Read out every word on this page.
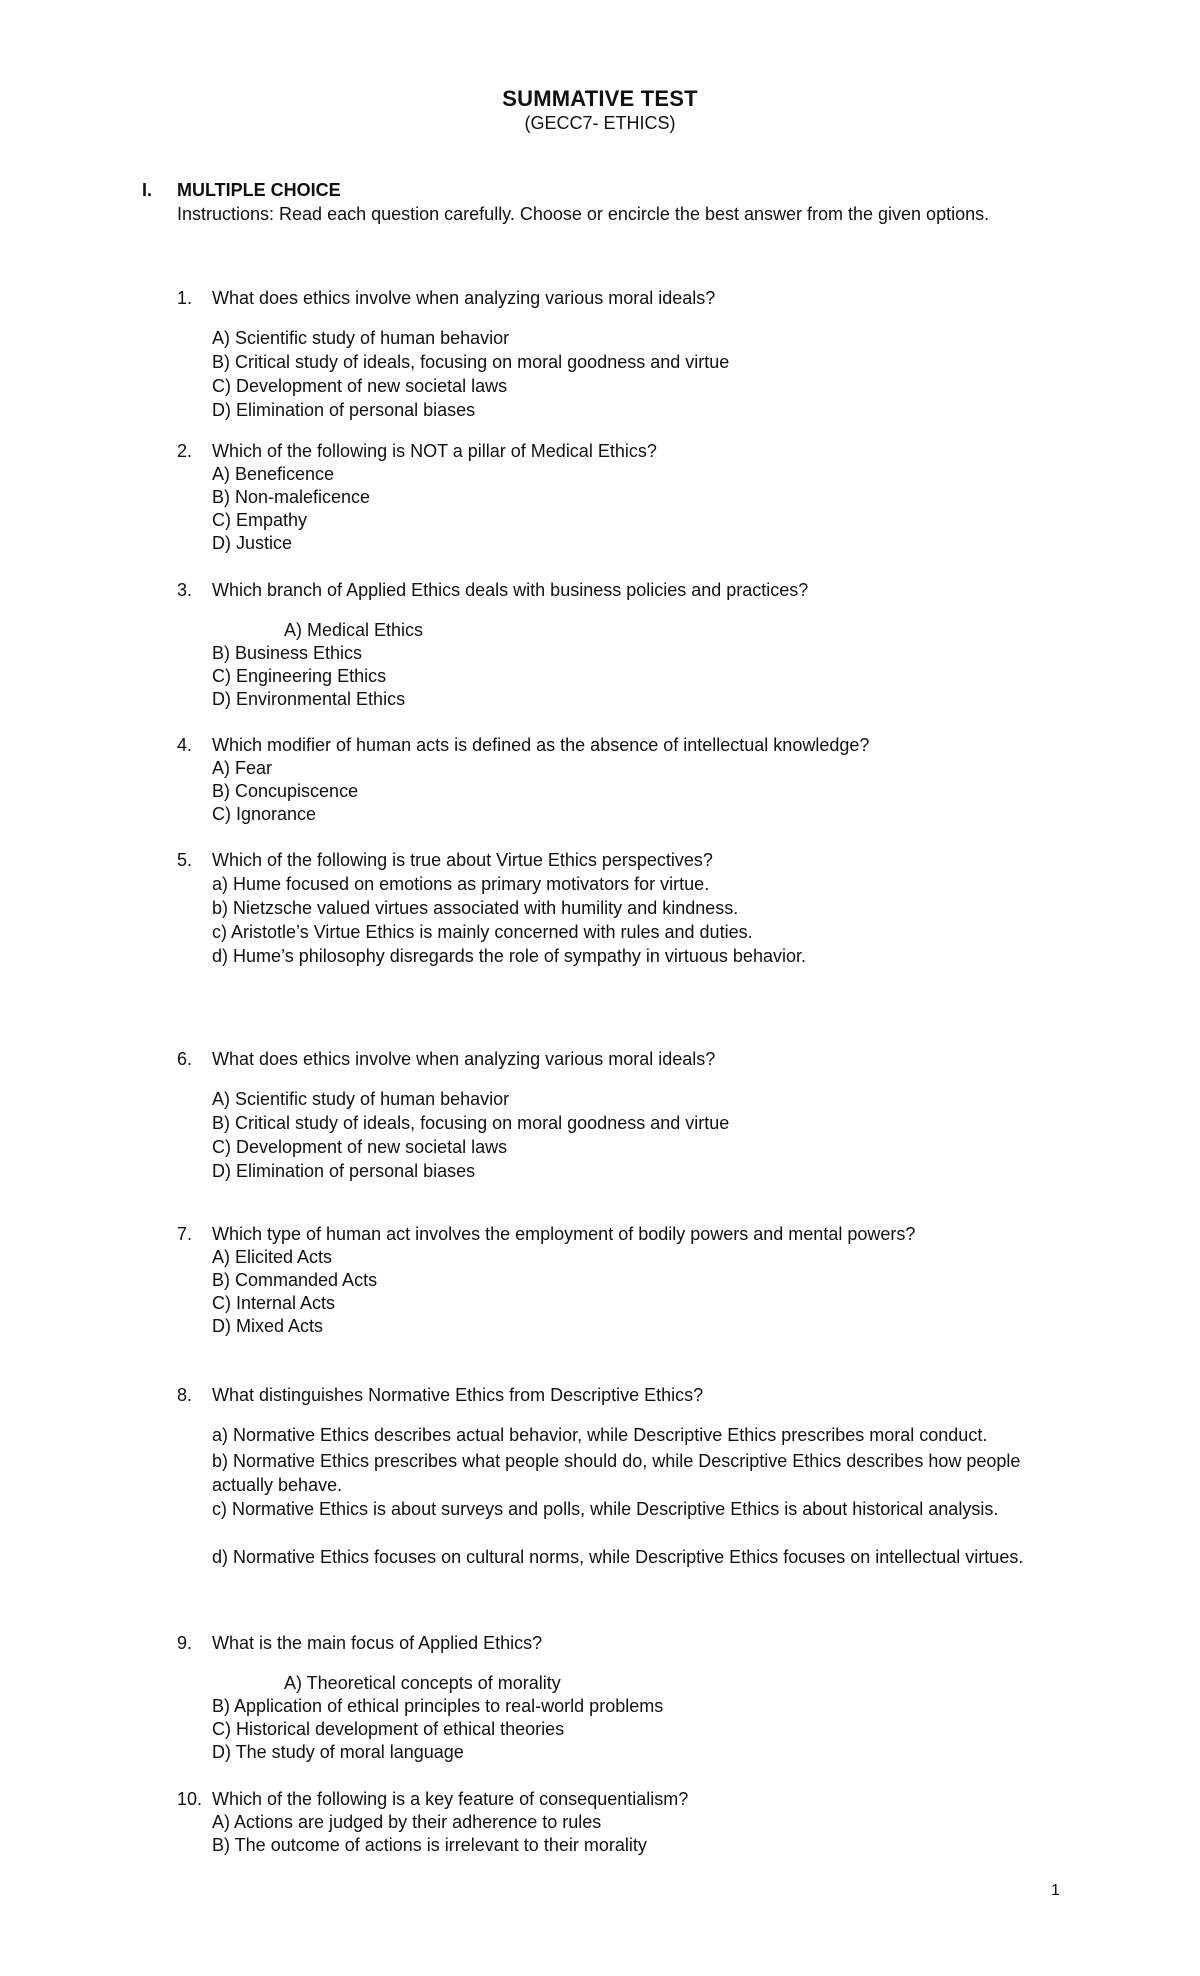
SUMMATIVE TEST
(GECC7- ETHICS)
I. MULTIPLE CHOICE
Instructions: Read each question carefully. Choose or encircle the best answer from the given options.
1. What does ethics involve when analyzing various moral ideals?
A) Scientific study of human behavior
B) Critical study of ideals, focusing on moral goodness and virtue
C) Development of new societal laws
D) Elimination of personal biases
2. Which of the following is NOT a pillar of Medical Ethics?
A) Beneficence
B) Non-maleficence
C) Empathy
D) Justice
3. Which branch of Applied Ethics deals with business policies and practices?
A) Medical Ethics
B) Business Ethics
C) Engineering Ethics
D) Environmental Ethics
4. Which modifier of human acts is defined as the absence of intellectual knowledge?
A) Fear
B) Concupiscence
C) Ignorance
5. Which of the following is true about Virtue Ethics perspectives?
a) Hume focused on emotions as primary motivators for virtue.
b) Nietzsche valued virtues associated with humility and kindness.
c) Aristotle’s Virtue Ethics is mainly concerned with rules and duties.
d) Hume’s philosophy disregards the role of sympathy in virtuous behavior.
6. What does ethics involve when analyzing various moral ideals?
A) Scientific study of human behavior
B) Critical study of ideals, focusing on moral goodness and virtue
C) Development of new societal laws
D) Elimination of personal biases
7. Which type of human act involves the employment of bodily powers and mental powers?
A) Elicited Acts
B) Commanded Acts
C) Internal Acts
D) Mixed Acts
8. What distinguishes Normative Ethics from Descriptive Ethics?
a) Normative Ethics describes actual behavior, while Descriptive Ethics prescribes moral conduct.
b) Normative Ethics prescribes what people should do, while Descriptive Ethics describes how people actually behave.
c) Normative Ethics is about surveys and polls, while Descriptive Ethics is about historical analysis.
d) Normative Ethics focuses on cultural norms, while Descriptive Ethics focuses on intellectual virtues.
9. What is the main focus of Applied Ethics?
A) Theoretical concepts of morality
B) Application of ethical principles to real-world problems
C) Historical development of ethical theories
D) The study of moral language
10. Which of the following is a key feature of consequentialism?
A) Actions are judged by their adherence to rules
B) The outcome of actions is irrelevant to their morality
1
